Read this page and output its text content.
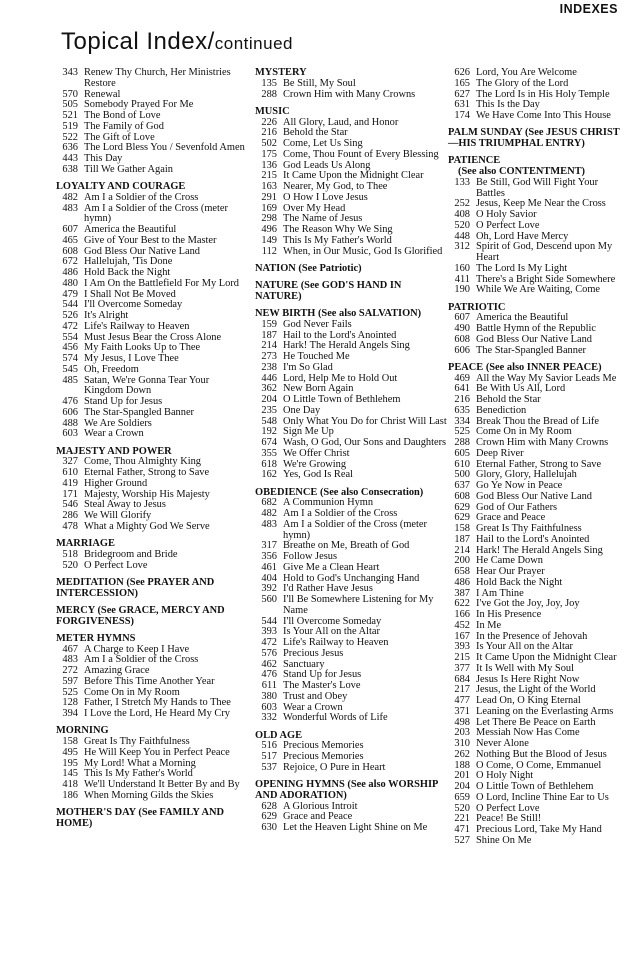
INDEXES
Topical Index/continued
343 Renew Thy Church, Her Ministries Restore
570 Renewal
505 Somebody Prayed For Me
521 The Bond of Love
519 The Family of God
522 The Gift of Love
636 The Lord Bless You / Sevenfold Amen
443 This Day
638 Till We Gather Again
LOYALTY AND COURAGE
482 Am I a Soldier of the Cross
483 Am I a Soldier of the Cross (meter hymn)
607 America the Beautiful
465 Give of Your Best to the Master
608 God Bless Our Native Land
672 Hallelujah, 'Tis Done
486 Hold Back the Night
480 I Am On the Battlefield For My Lord
479 I Shall Not Be Moved
544 I'll Overcome Someday
526 It's Alright
472 Life's Railway to Heaven
554 Must Jesus Bear the Cross Alone
456 My Faith Looks Up to Thee
574 My Jesus, I Love Thee
545 Oh, Freedom
485 Satan, We're Gonna Tear Your Kingdom Down
476 Stand Up for Jesus
606 The Star-Spangled Banner
488 We Are Soldiers
603 Wear a Crown
MAJESTY AND POWER
327 Come, Thou Almighty King
610 Eternal Father, Strong to Save
419 Higher Ground
171 Majesty, Worship His Majesty
546 Steal Away to Jesus
286 We Will Glorify
478 What a Mighty God We Serve
MARRIAGE
518 Bridegroom and Bride
520 O Perfect Love
MEDITATION (See PRAYER AND INTERCESSION)
MERCY (See GRACE, MERCY AND FORGIVENESS)
METER HYMNS
467 A Charge to Keep I Have
483 Am I a Soldier of the Cross
272 Amazing Grace
597 Before This Time Another Year
525 Come On in My Room
128 Father, I Stretch My Hands to Thee
394 I Love the Lord, He Heard My Cry
MORNING
158 Great Is Thy Faithfulness
495 He Will Keep You in Perfect Peace
195 My Lord! What a Morning
145 This Is My Father's World
418 We'll Understand It Better By and By
186 When Morning Gilds the Skies
MOTHER'S DAY (See FAMILY AND HOME)
MYSTERY
135 Be Still, My Soul
288 Crown Him with Many Crowns
MUSIC
226 All Glory, Laud, and Honor
216 Behold the Star
502 Come, Let Us Sing
175 Come, Thou Fount of Every Blessing
136 God Leads Us Along
215 It Came Upon the Midnight Clear
163 Nearer, My God, to Thee
291 O How I Love Jesus
169 Over My Head
298 The Name of Jesus
496 The Reason Why We Sing
149 This Is My Father's World
112 When, in Our Music, God Is Glorified
NATION (See Patriotic)
NATURE (See GOD'S HAND IN NATURE)
NEW BIRTH (See also SALVATION)
159 God Never Fails
187 Hail to the Lord's Anointed
214 Hark! The Herald Angels Sing
273 He Touched Me
238 I'm So Glad
446 Lord, Help Me to Hold Out
362 New Born Again
204 O Little Town of Bethlehem
235 One Day
548 Only What You Do for Christ Will Last
192 Sign Me Up
674 Wash, O God, Our Sons and Daughters
355 We Offer Christ
618 We're Growing
162 Yes, God Is Real
OBEDIENCE (See also Consecration)
682 A Communion Hymn
482 Am I a Soldier of the Cross
483 Am I a Soldier of the Cross (meter hymn)
317 Breathe on Me, Breath of God
356 Follow Jesus
461 Give Me a Clean Heart
404 Hold to God's Unchanging Hand
392 I'd Rather Have Jesus
560 I'll Be Somewhere Listening for My Name
544 I'll Overcome Someday
393 Is Your All on the Altar
472 Life's Railway to Heaven
576 Precious Jesus
462 Sanctuary
476 Stand Up for Jesus
611 The Master's Love
380 Trust and Obey
603 Wear a Crown
332 Wonderful Words of Life
OLD AGE
516 Precious Memories
517 Precious Memories
537 Rejoice, O Pure in Heart
OPENING HYMNS (See also WORSHIP AND ADORATION)
628 A Glorious Introit
629 Grace and Peace
630 Let the Heaven Light Shine on Me
626 Lord, You Are Welcome
165 The Glory of the Lord
627 The Lord Is in His Holy Temple
631 This Is the Day
174 We Have Come Into This House
PALM SUNDAY (See JESUS CHRIST—HIS TRIUMPHAL ENTRY)
PATIENCE
(See also CONTENTMENT)
133 Be Still, God Will Fight Your Battles
252 Jesus, Keep Me Near the Cross
408 O Holy Savior
520 O Perfect Love
448 Oh, Lord Have Mercy
312 Spirit of God, Descend upon My Heart
160 The Lord Is My Light
411 There's a Bright Side Somewhere
190 While We Are Waiting, Come
PATRIOTIC
607 America the Beautiful
490 Battle Hymn of the Republic
608 God Bless Our Native Land
606 The Star-Spangled Banner
PEACE (See also INNER PEACE)
469 All the Way My Savior Leads Me
641 Be With Us All, Lord
216 Behold the Star
635 Benediction
334 Break Thou the Bread of Life
525 Come On in My Room
288 Crown Him with Many Crowns
605 Deep River
610 Eternal Father, Strong to Save
500 Glory, Glory, Hallelujah
637 Go Ye Now in Peace
608 God Bless Our Native Land
629 God of Our Fathers
629 Grace and Peace
158 Great Is Thy Faithfulness
187 Hail to the Lord's Anointed
214 Hark! The Herald Angels Sing
200 He Came Down
658 Hear Our Prayer
486 Hold Back the Night
387 I Am Thine
622 I've Got the Joy, Joy, Joy
166 In His Presence
452 In Me
167 In the Presence of Jehovah
393 Is Your All on the Altar
215 It Came Upon the Midnight Clear
377 It Is Well with My Soul
684 Jesus Is Here Right Now
217 Jesus, the Light of the World
477 Lead On, O King Eternal
371 Leaning on the Everlasting Arms
498 Let There Be Peace on Earth
203 Messiah Now Has Come
310 Never Alone
262 Nothing But the Blood of Jesus
188 O Come, O Come, Emmanuel
201 O Holy Night
204 O Little Town of Bethlehem
659 O Lord, Incline Thine Ear to Us
520 O Perfect Love
221 Peace! Be Still!
471 Precious Lord, Take My Hand
527 Shine On Me
